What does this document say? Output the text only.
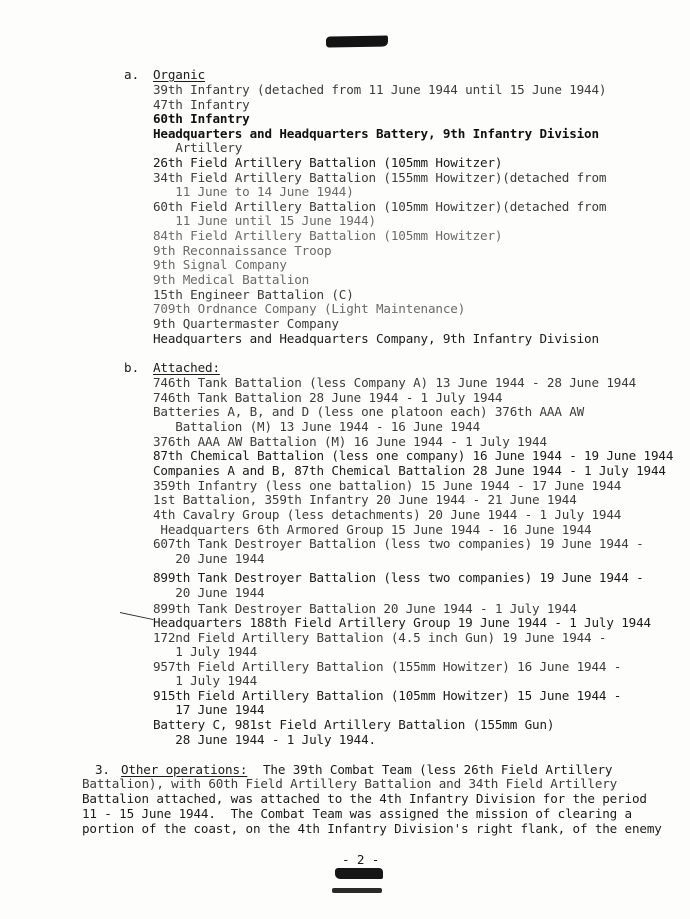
a. Organic
39th Infantry (detached from 11 June 1944 until 15 June 1944)
47th Infantry
60th Infantry
Headquarters and Headquarters Battery, 9th Infantry Division
Artillery
26th Field Artillery Battalion (105mm Howitzer)
34th Field Artillery Battalion (155mm Howitzer)(detached from
11 June to 14 June 1944)
60th Field Artillery Battalion (105mm Howitzer)(detached from
11 June until 15 June 1944)
84th Field Artillery Battalion (105mm Howitzer)
9th Reconnaissance Troop
9th Signal Company
9th Medical Battalion
15th Engineer Battalion (C)
709th Ordnance Company (Light Maintenance)
9th Quartermaster Company
Headquarters and Headquarters Company, 9th Infantry Division
b. Attached:
746th Tank Battalion (less Company A) 13 June 1944 - 28 June 1944
746th Tank Battalion 28 June 1944 - 1 July 1944
Batteries A, B, and D (less one platoon each) 376th AAA AW
Battalion (M) 13 June 1944 - 16 June 1944
376th AAA AW Battalion (M) 16 June 1944 - 1 July 1944
87th Chemical Battalion (less one company) 16 June 1944 - 19 June 1944
Companies A and B, 87th Chemical Battalion 28 June 1944 - 1 July 1944
359th Infantry (less one battalion) 15 June 1944 - 17 June 1944
1st Battalion, 359th Infantry 20 June 1944 - 21 June 1944
4th Cavalry Group (less detachments) 20 June 1944 - 1 July 1944
Headquarters 6th Armored Group 15 June 1944 - 16 June 1944
607th Tank Destroyer Battalion (less two companies) 19 June 1944 -
20 June 1944
899th Tank Destroyer Battalion (less two companies) 19 June 1944 -
20 June 1944
899th Tank Destroyer Battalion 20 June 1944 - 1 July 1944
Headquarters 188th Field Artillery Group 19 June 1944 - 1 July 1944
172nd Field Artillery Battalion (4.5 inch Gun) 19 June 1944 -
1 July 1944
957th Field Artillery Battalion (155mm Howitzer) 16 June 1944 -
1 July 1944
915th Field Artillery Battalion (105mm Howitzer) 15 June 1944 -
17 June 1944
Battery C, 981st Field Artillery Battalion (155mm Gun)
28 June 1944 - 1 July 1944.
3. Other operations: The 39th Combat Team (less 26th Field Artillery
Battalion), with 60th Field Artillery Battalion and 34th Field Artillery
Battalion attached, was attached to the 4th Infantry Division for the period
11 - 15 June 1944.  The Combat Team was assigned the mission of clearing a
portion of the coast, on the 4th Infantry Division's right flank, of the enemy
- 2 -
